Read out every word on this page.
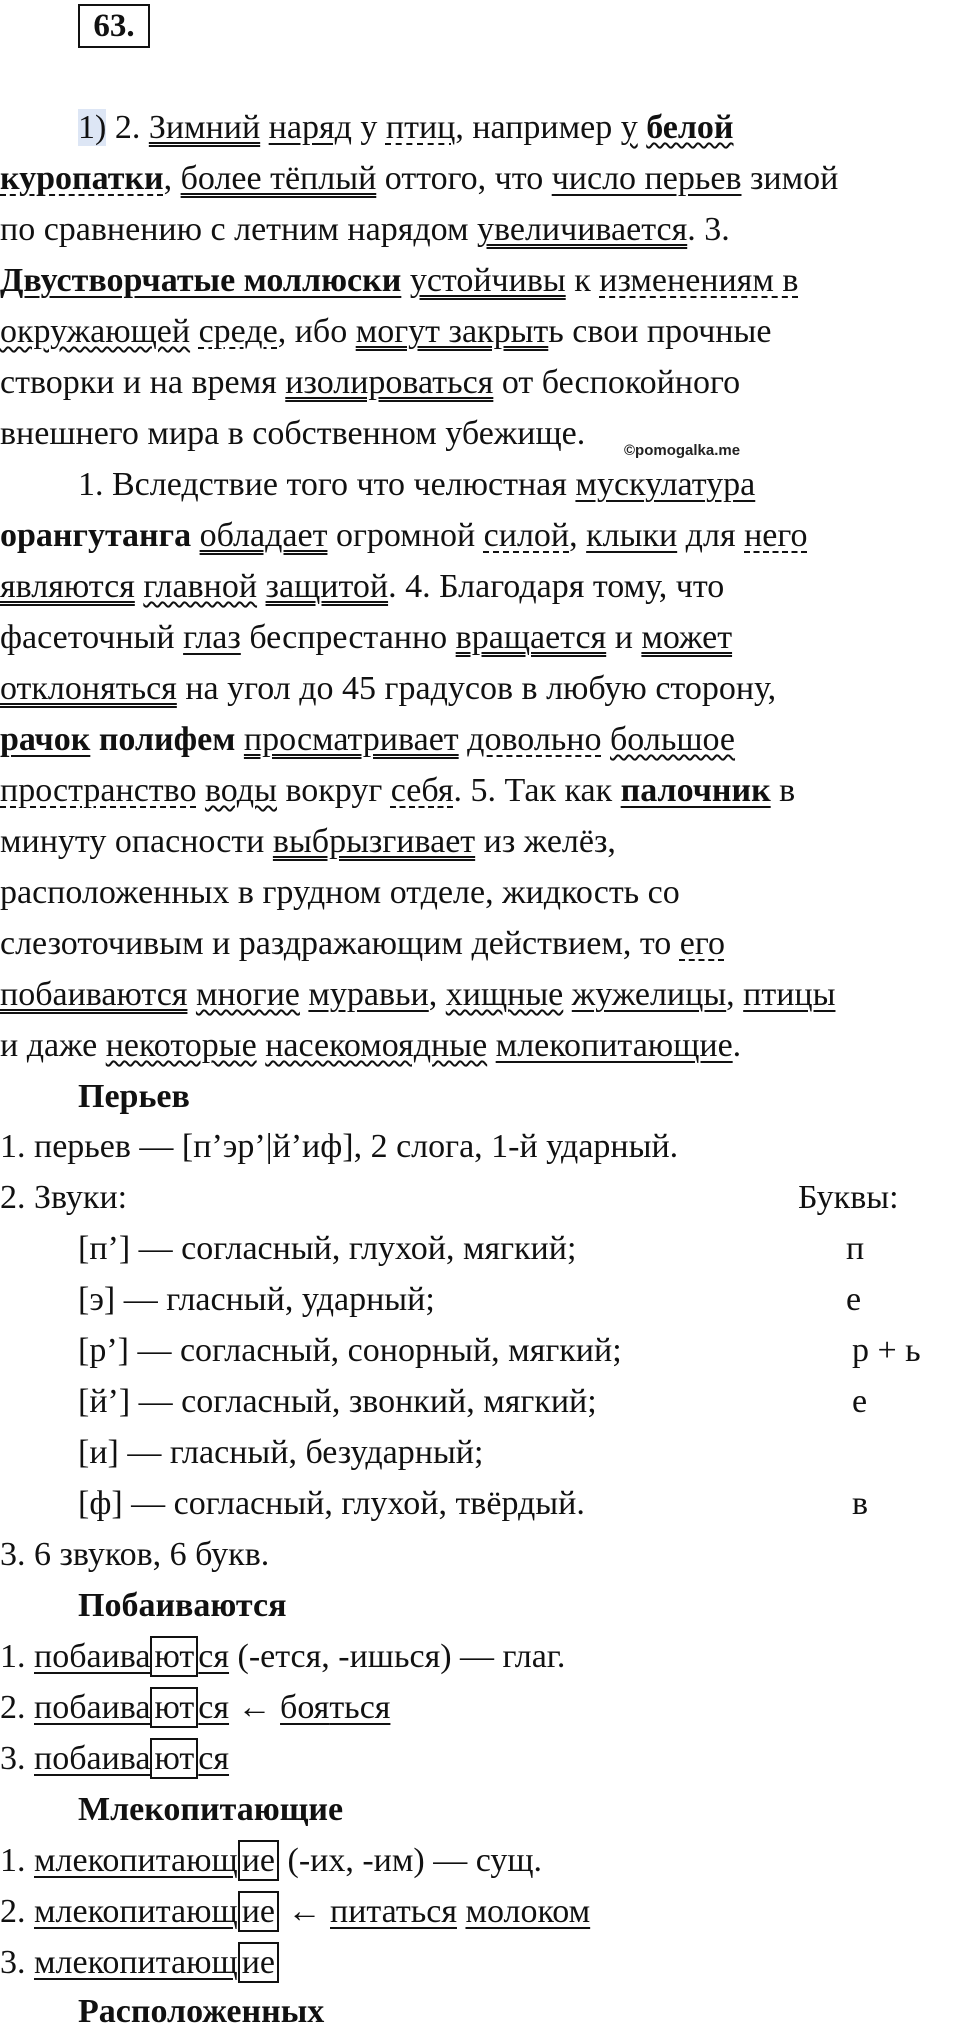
63.
1) 2. Зимний наряд у птиц, например у белой
куропатки, более тёплый оттого, что число перьев зимой
по сравнению с летним нарядом увеличивается. 3.
Двустворчатые моллюски устойчивы к изменениям в
окружающей среде, ибо могут закрыть свои прочные
створки и на время изолироваться от беспокойного
внешнего мира в собственном убежище.	©pomogalka.me
1. Вследствие того что челюстная мускулатура
орангутанга обладает огромной силой, клыки для него
являются главной защитой. 4. Благодаря тому, что
фасеточный глаз беспрестанно вращается и может
отклоняться на угол до 45 градусов в любую сторону,
рачок полифем просматривает довольно большое
пространство воды вокруг себя. 5. Так как палочник в
минуту опасности выбрызгивает из желёз,
расположенных в грудном отделе, жидкость со
слезоточивым и раздражающим действием, то его
побаиваются многие муравьи, хищные жужелицы, птицы
и даже некоторые насекомоядные млекопитающие.
Перьев
1. перьев — [п’эр’|й’иф], 2 слога, 1-й ударный.
2. Звуки:	Буквы:
[п’] — согласный, глухой, мягкий;	п
[э] — гласный, ударный;	е
[р’] — согласный, сонорный, мягкий;	р + ь
[й’] — согласный, звонкий, мягкий;	е
[и] — гласный, безударный;
[ф] — согласный, глухой, твёрдый.	в
3. 6 звуков, 6 букв.
Побаиваются
1. побаива ют ся (-ется, -ишься) — глаг.
2. побаива ют ся ← бояться
3. побаива ют ся
Млекопитающие
1. млекопитающ ие (-их, -им) — сущ.
2. млекопитающ ие ← питаться молоком
3. млекопитающ ие
Расположенных
